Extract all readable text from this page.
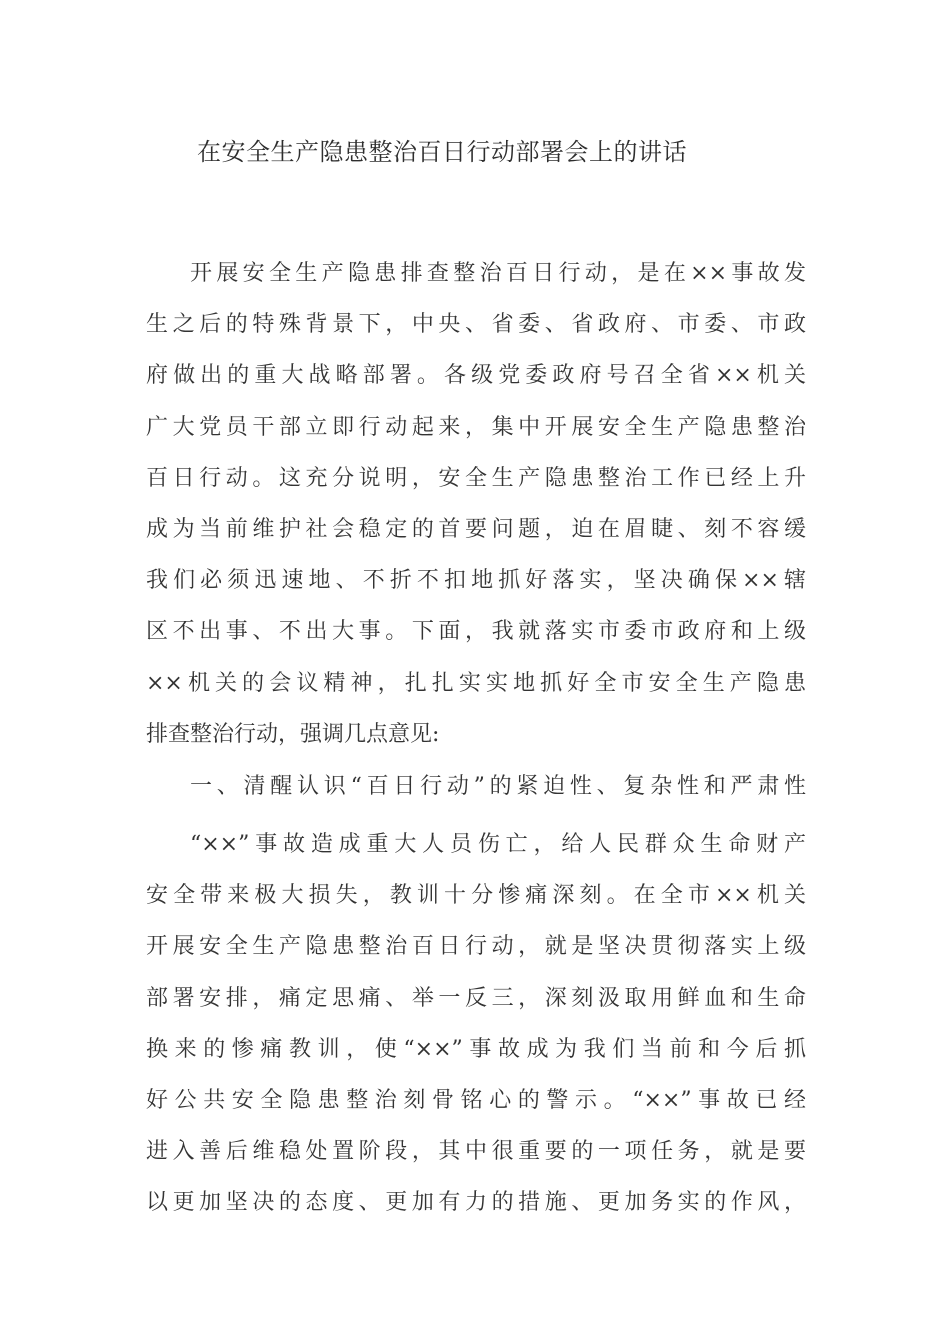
在安全生产隐患整治百日行动部署会上的讲话
开展安全生产隐患排查整治百日行动，是在××事故发
生之后的特殊背景下，中央、省委、省政府、市委、市政
府做出的重大战略部署。各级党委政府号召全省××机关
广大党员干部立即行动起来，集中开展安全生产隐患整治
百日行动。这充分说明，安全生产隐患整治工作已经上升
成为当前维护社会稳定的首要问题，迫在眉睫、刻不容缓
我们必须迅速地、不折不扣地抓好落实，坚决确保××辖
区不出事、不出大事。下面，我就落实市委市政府和上级
××机关的会议精神，扎扎实实地抓好全市安全生产隐患
排查整治行动，强调几点意见:
一、清醒认识“百日行动”的紧迫性、复杂性和严肃性
“××”事故造成重大人员伤亡，给人民群众生命财产
安全带来极大损失，教训十分惨痛深刻。在全市××机关
开展安全生产隐患整治百日行动，就是坚决贯彻落实上级
部署安排，痛定思痛、举一反三，深刻汲取用鲜血和生命
换来的惨痛教训，使“××”事故成为我们当前和今后抓
好公共安全隐患整治刻骨铭心的警示。“××”事故已经
进入善后维稳处置阶段，其中很重要的一项任务，就是要
以更加坚决的态度、更加有力的措施、更加务实的作风，
